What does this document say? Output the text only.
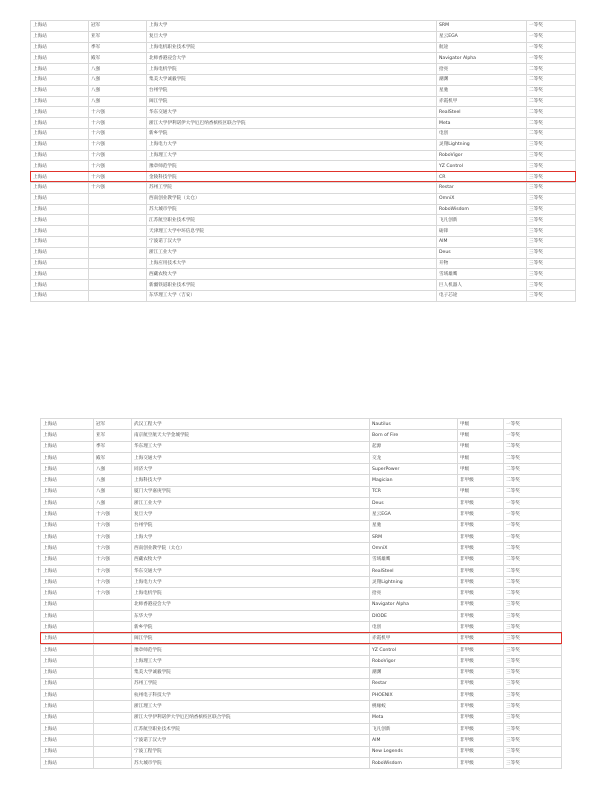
上海站	冠军	上海大学	SRM	一等奖
上海站	亚军	复旦大学	星云EGA	一等奖
上海站	季军	上海电机职业技术学院	航途	一等奖
上海站	殿军	北师香港浸会大学	Navigator Alpha	一等奖
上海站	八强	上海电机学院	拾亮	二等奖
上海站	八强	集美大学诚毅学院	潮渊	二等奖
上海站	八强	台州学院	星驰	二等奖
上海站	八强	闽江学院	赤霞机甲	二等奖
上海站	十六强	华东交通大学	RealSteel	二等奖
上海站	十六强	浙江大学伊利诺伊大学厄巴纳香槟校区联合学院	Meta	二等奖
上海站	十六强	新乡学院	电创	二等奖
上海站	十六强	上海电力大学	灵翔Lightning	三等奖
上海站	十六强	上海理工大学	RoboVigor	三等奖
上海站	十六强	豫章师范学院	YZ Control	三等奖
上海站	十六强	金陵科技学院	CR	三等奖
上海站	十六强	苏州工学院	Restar	三等奖
上海站		西南创业教学院（太仓）	OmniX	三等奖
上海站		苏大城市学院	RoboWisdom	三等奖
上海站		江苏航空职业技术学院	飞凡创新	三等奖
上海站		天津理工大学中环信息学院	砺锋	三等奖
上海站		宁波诺丁汉大学	AIM	三等奖
上海站		浙江工业大学	Deus	三等奖
上海站		上海应用技术大学	开物	三等奖
上海站		西藏农牧大学	雪域雄鹰	三等奖
上海站		新疆铁道职业技术学院	巨人机器人	三等奖
上海站		东华理工大学（吉安）	电子芯途	三等奖
上海站	冠军	武汉工程大学	Nautilus	甲级	一等奖
上海站	亚军	南京航空航天大学金城学院	Born of Fire	甲级	一等奖
上海站	季军	华东理工大学	起源	甲级	二等奖
上海站	殿军	上海交通大学	交龙	甲级	二等奖
上海站	八强	同济大学	SuperPower	甲级	二等奖
上海站	八强	上海科技大学	Magician	非甲级	二等奖
上海站	八强	厦门大学嘉庚学院	TCR	甲级	二等奖
上海站	八强	浙江工业大学	Deus	非甲级	一等奖
上海站	十六强	复旦大学	星云EGA	非甲级	一等奖
上海站	十六强	台州学院	星驰	非甲级	一等奖
上海站	十六强	上海大学	SRM	非甲级	一等奖
上海站	十六强	西南创业教学院（太仓）	OmniX	非甲级	二等奖
上海站	十六强	西藏农牧大学	雪域雄鹰	非甲级	二等奖
上海站	十六强	华东交通大学	RealSteel	非甲级	二等奖
上海站	十六强	上海电力大学	灵翔Lightning	非甲级	二等奖
上海站	十六强	上海电机学院	拾亮	非甲级	二等奖
上海站		北师香港浸会大学	Navigator Alpha	非甲级	三等奖
上海站		东华大学	DIODE	非甲级	三等奖
上海站		新乡学院	电创	非甲级	三等奖
上海站		闽江学院	赤霞机甲	非甲级	三等奖
上海站		豫章师范学院	YZ Control	非甲级	三等奖
上海站		上海理工大学	RoboVigor	非甲级	三等奖
上海站		集美大学诚毅学院	潮渊	非甲级	三等奖
上海站		苏州工学院	Restar	非甲级	三等奖
上海站		杭州电子科技大学	PHOENIX	非甲级	三等奖
上海站		浙江理工大学	桃缘蛟	非甲级	三等奖
上海站		浙江大学伊利诺伊大学厄巴纳香槟校区联合学院	Meta	非甲级	三等奖
上海站		江苏航空职业技术学院	飞凡创新	非甲级	三等奖
上海站		宁波诺丁汉大学	AIM	非甲级	三等奖
上海站		宁波工程学院	New Legends	非甲级	三等奖
上海站		苏大城市学院	RoboWisdom	非甲级	三等奖
